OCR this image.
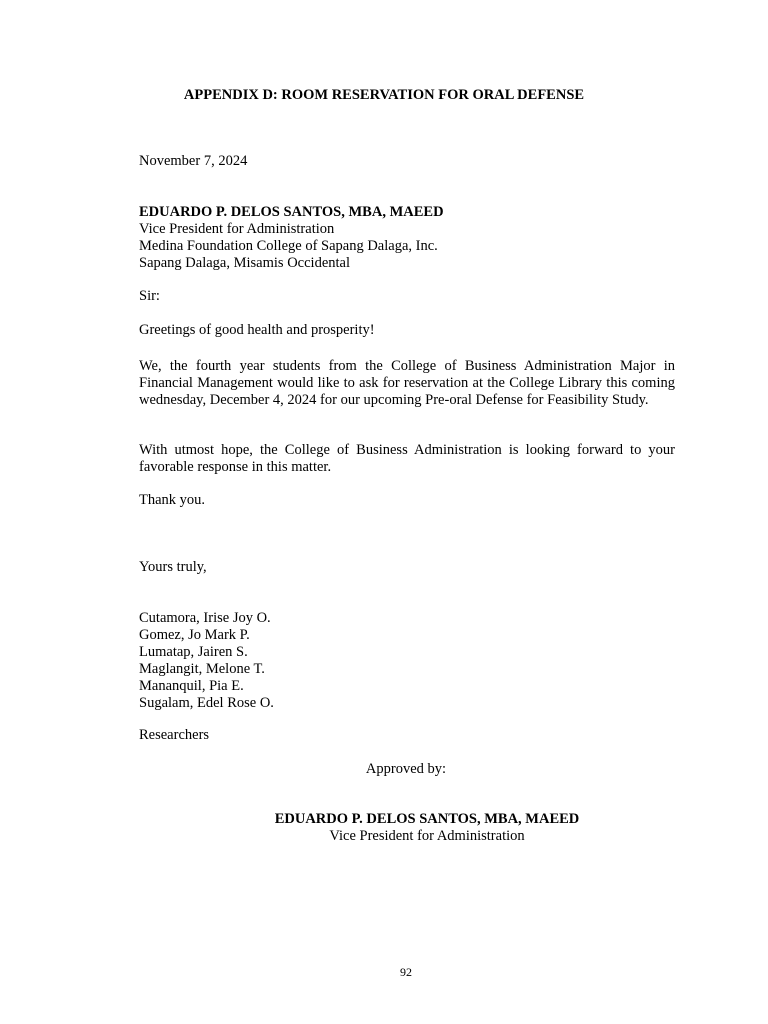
APPENDIX D: ROOM RESERVATION FOR ORAL DEFENSE
November 7, 2024
EDUARDO P. DELOS SANTOS, MBA, MAEED
Vice President for Administration
Medina Foundation College of Sapang Dalaga, Inc.
Sapang Dalaga, Misamis Occidental
Sir:
Greetings of good health and prosperity!
We, the fourth year students from the College of Business Administration Major in Financial Management would like to ask for reservation at the College Library this coming wednesday, December 4, 2024 for our upcoming Pre-oral Defense for Feasibility Study.
With utmost hope, the College of Business Administration is looking forward to your favorable response in this matter.
Thank you.
Yours truly,
Cutamora, Irise Joy O.
Gomez, Jo Mark P.
Lumatap, Jairen S.
Maglangit, Melone T.
Mananquil, Pia E.
Sugalam, Edel Rose O.
Researchers
Approved by:
EDUARDO P. DELOS SANTOS, MBA, MAEED
Vice President for Administration
92
